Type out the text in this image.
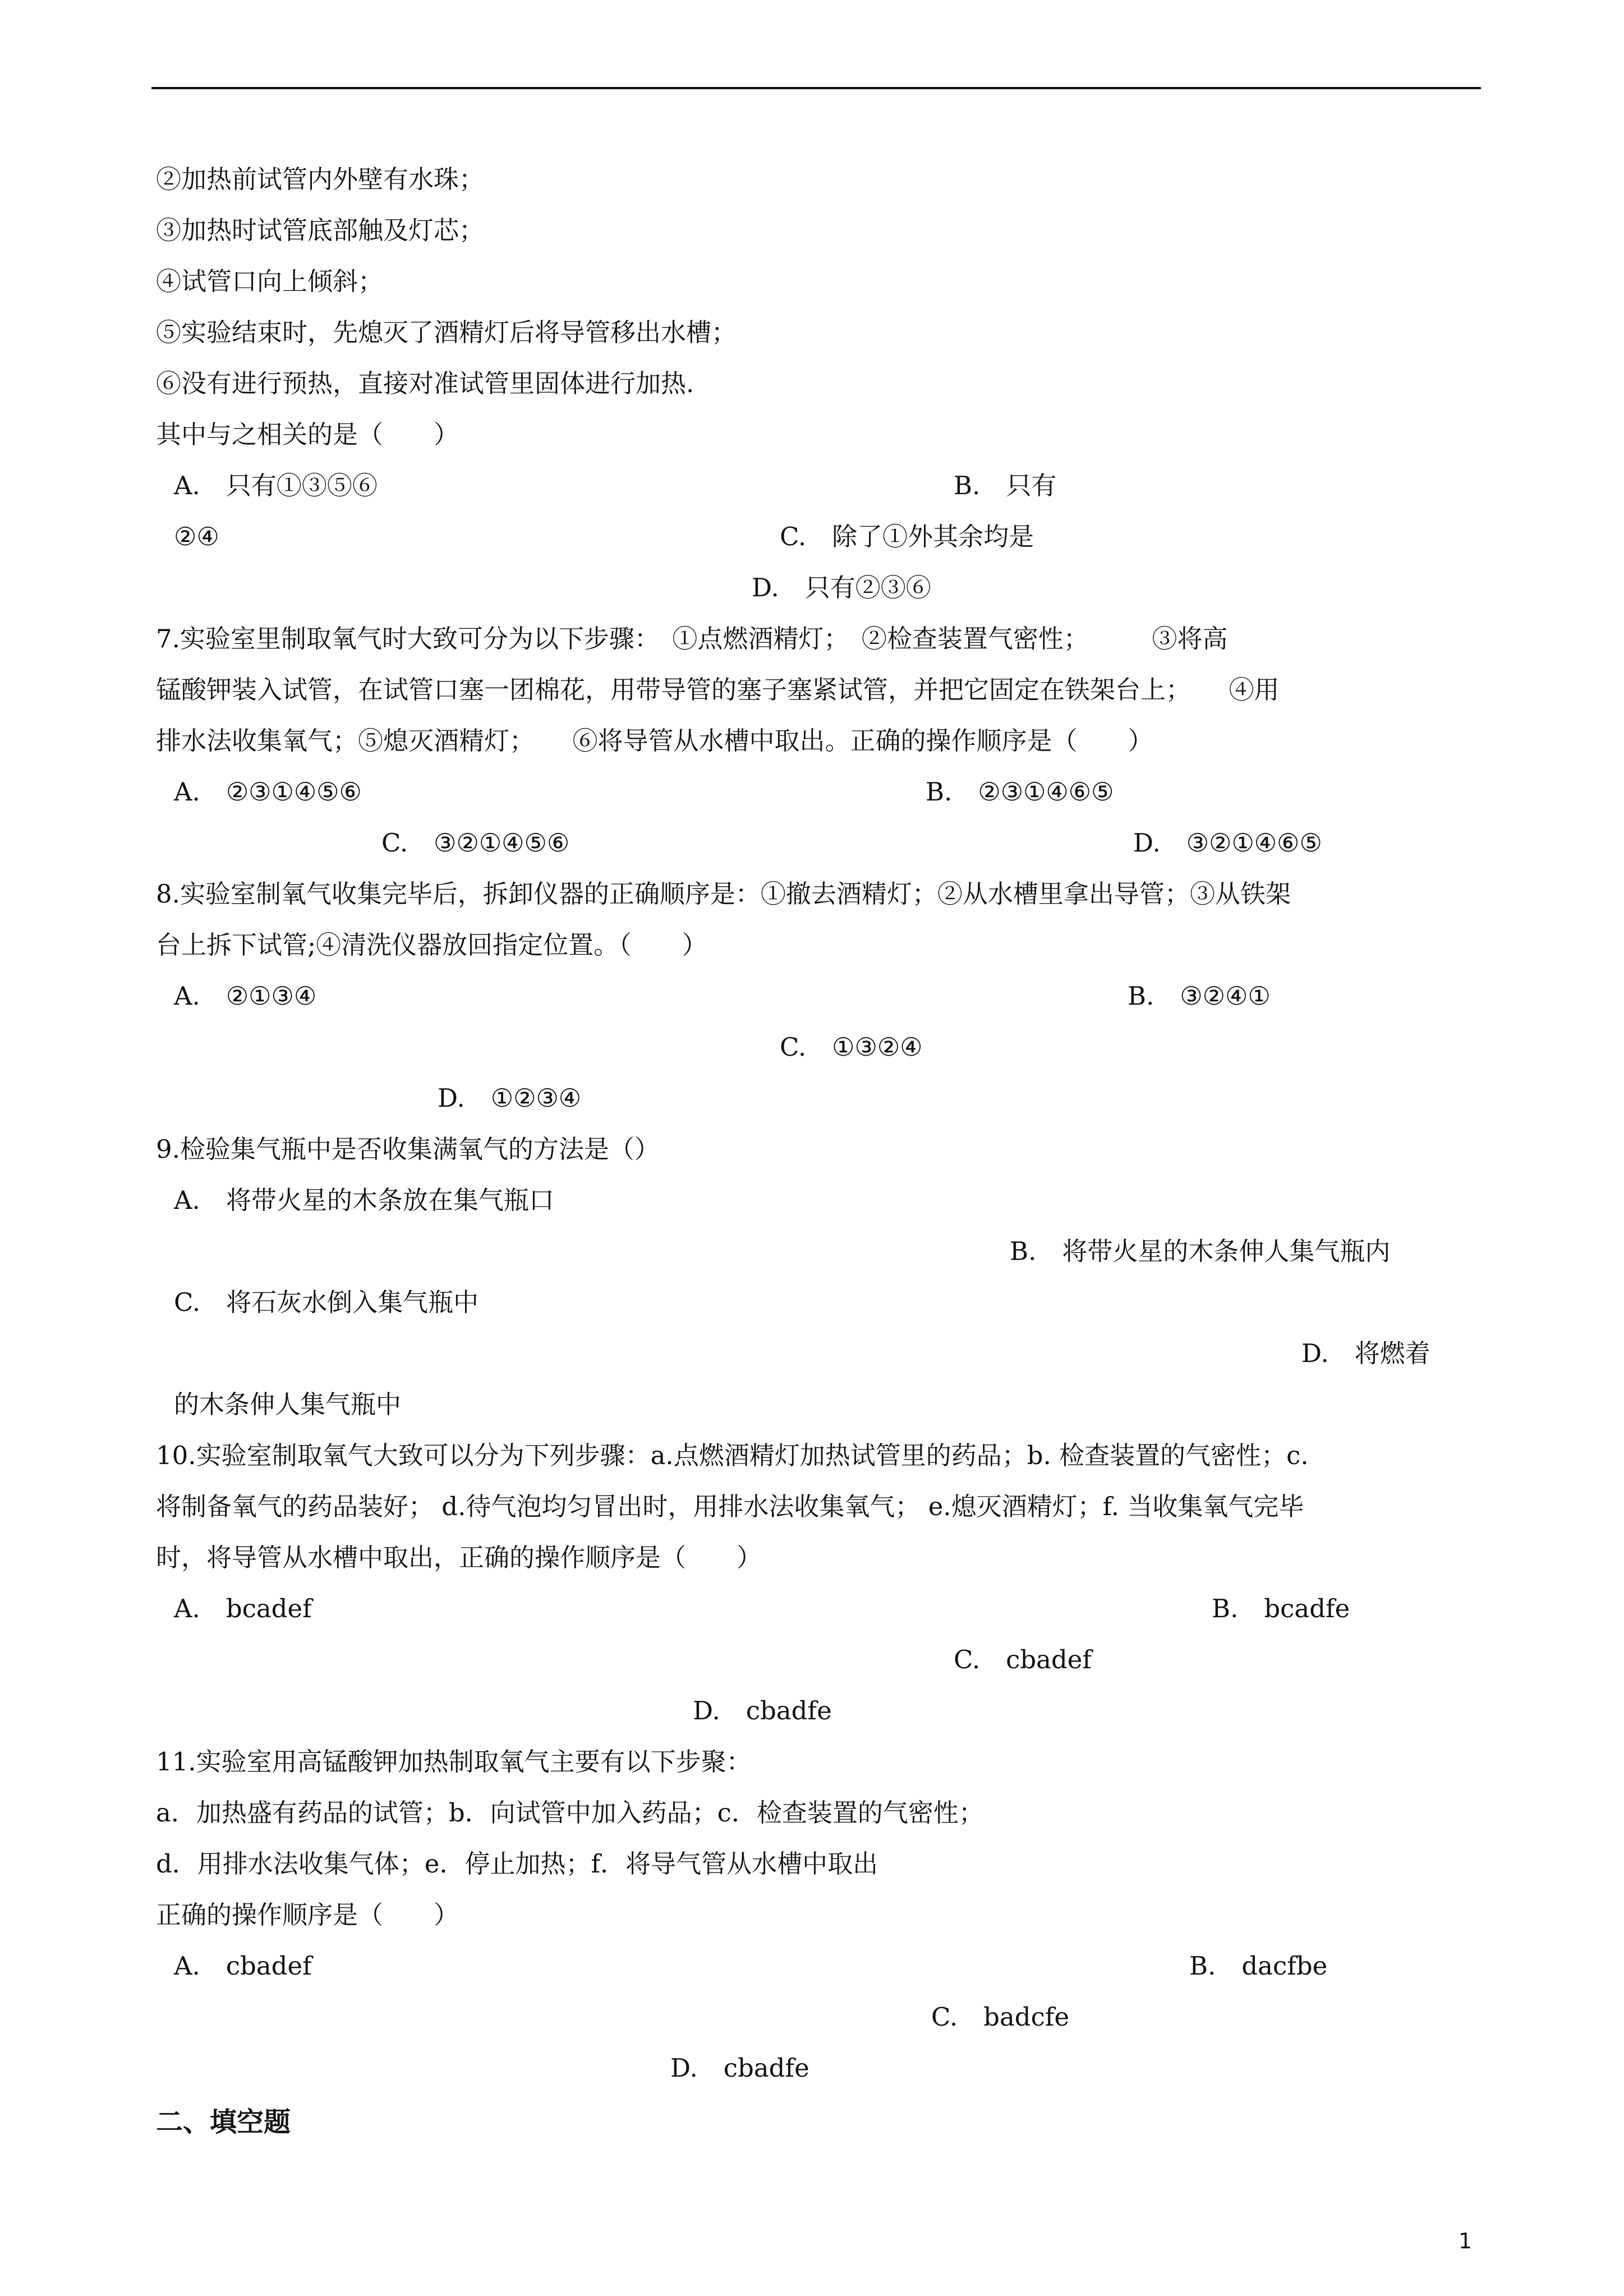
②加热前试管内外壁有水珠；
③加热时试管底部触及灯芯；
④试管口向上倾斜；
⑤实验结束时，先熄灭了酒精灯后将导管移出水槽；
⑥没有进行预热，直接对准试管里固体进行加热.
其中与之相关的是（　　）
A. 只有①③⑤⑥	B. 只有
②④	C. 除了①外其余均是
D. 只有②③⑥
7.实验室里制取氧气时大致可分为以下步骤：　①点燃酒精灯；　②检查装置气密性；　　　③将高
锰酸钾装入试管，在试管口塞一团棉花，用带导管的塞子塞紧试管，并把它固定在铁架台上；　　④用
排水法收集氧气；⑤熄灭酒精灯；　　⑥将导管从水槽中取出。正确的操作顺序是（　　）
A. ②③①④⑤⑥	B. ②③①④⑥⑤
C. ③②①④⑤⑥	D. ③②①④⑥⑤
8.实验室制氧气收集完毕后，拆卸仪器的正确顺序是：①撤去酒精灯；②从水槽里拿出导管；③从铁架
台上拆下试管;④清洗仪器放回指定位置。（　　）
A. ②①③④	B. ③②④①
C. ①③②④
D. ①②③④
9.检验集气瓶中是否收集满氧气的方法是（）
A. 将带火星的木条放在集气瓶口
B. 将带火星的木条伸人集气瓶内
C. 将石灰水倒入集气瓶中
D. 将燃着
的木条伸人集气瓶中
10.实验室制取氧气大致可以分为下列步骤：a.点燃酒精灯加热试管里的药品；b. 检查装置的气密性；c.
将制备氧气的药品装好； d.待气泡均匀冒出时，用排水法收集氧气； e.熄灭酒精灯；f. 当收集氧气完毕
时，将导管从水槽中取出，正确的操作顺序是（　　）
A. bcadef	B. bcadfe
C. cbadef
D. cbadfe
11.实验室用高锰酸钾加热制取氧气主要有以下步聚：
a．加热盛有药品的试管；b．向试管中加入药品；c．检查装置的气密性；
d．用排水法收集气体；e．停止加热；f．将导气管从水槽中取出
正确的操作顺序是（　　）
A. cbadef	B. dacfbe
C. badcfe
D. cbadfe
二、填空题
1
